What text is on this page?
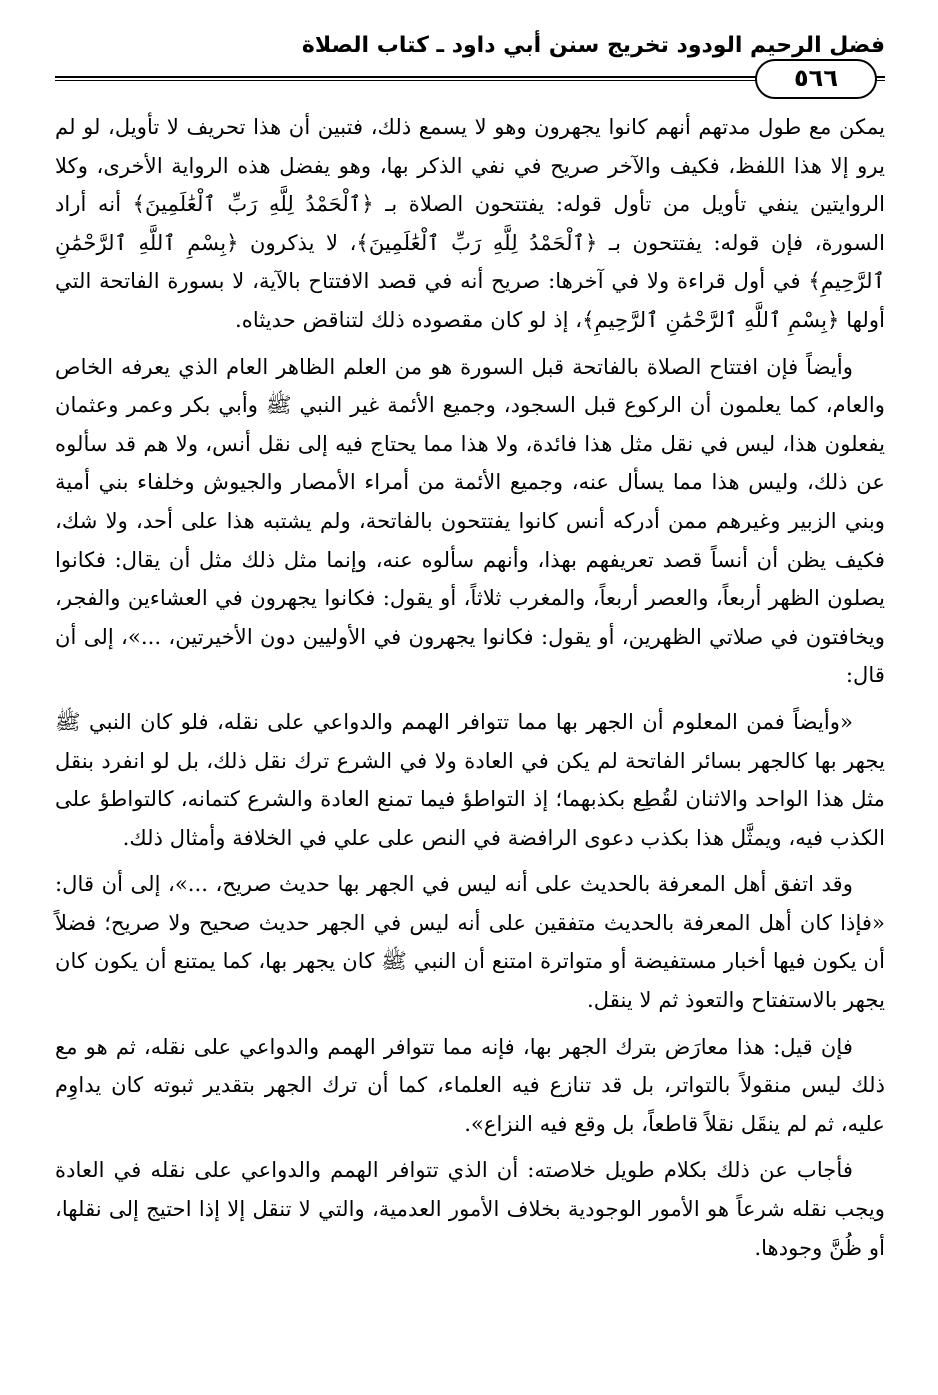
فضل الرحيم الودود تخريج سنن أبي داود ـ كتاب الصلاة
٥٦٦

يمكن مع طول مدتهم أنهم كانوا يجهرون وهو لا يسمع ذلك، فتبين أن هذا تحريف لا تأويل، لو لم يرو إلا هذا اللفظ، فكيف والآخر صريح في نفي الذكر بها، وهو يفضل هذه الرواية الأخرى، وكلا الروايتين ينفي تأويل من تأول قوله: يفتتحون الصلاة بـ ﴿ٱلْحَمْدُ لِلَّهِ رَبِّ ٱلْعَٰلَمِينَ﴾ أنه أراد السورة، فإن قوله: يفتتحون بـ ﴿ٱلْحَمْدُ لِلَّهِ رَبِّ ٱلْعَٰلَمِينَ﴾، لا يذكرون ﴿بِسْمِ ٱللَّهِ ٱلرَّحْمَٰنِ ٱلرَّحِيمِ﴾ في أول قراءة ولا في آخرها: صريح أنه في قصد الافتتاح بالآية، لا بسورة الفاتحة التي أولها ﴿بِسْمِ ٱللَّهِ ٱلرَّحْمَٰنِ ٱلرَّحِيمِ﴾، إذ لو كان مقصوده ذلك لتناقض حديثاه.

وأيضاً فإن افتتاح الصلاة بالفاتحة قبل السورة هو من العلم الظاهر العام الذي يعرفه الخاص والعام، كما يعلمون أن الركوع قبل السجود، وجميع الأئمة غير النبي ﷺ وأبي بكر وعمر وعثمان يفعلون هذا، ليس في نقل مثل هذا فائدة، ولا هذا مما يحتاج فيه إلى نقل أنس، ولا هم قد سألوه عن ذلك، وليس هذا مما يسأل عنه، وجميع الأئمة من أمراء الأمصار والجيوش وخلفاء بني أمية وبني الزبير وغيرهم ممن أدركه أنس كانوا يفتتحون بالفاتحة، ولم يشتبه هذا على أحد، ولا شك، فكيف يظن أن أنساً قصد تعريفهم بهذا، وأنهم سألوه عنه، وإنما مثل ذلك مثل أن يقال: فكانوا يصلون الظهر أربعاً، والعصر أربعاً، والمغرب ثلاثاً، أو يقول: فكانوا يجهرون في العشاءين والفجر، ويخافتون في صلاتي الظهرين، أو يقول: فكانوا يجهرون في الأوليين دون الأخيرتين، ...»، إلى أن قال:

«وأيضاً فمن المعلوم أن الجهر بها مما تتوافر الهمم والدواعي على نقله، فلو كان النبي ﷺ يجهر بها كالجهر بسائر الفاتحة لم يكن في العادة ولا في الشرع ترك نقل ذلك، بل لو انفرد بنقل مثل هذا الواحد والاثنان لقُطِع بكذبهما؛ إذ التواطؤ فيما تمنع العادة والشرع كتمانه، كالتواطؤ على الكذب فيه، ويمثَّل هذا بكذب دعوى الرافضة في النص على علي في الخلافة وأمثال ذلك.

وقد اتفق أهل المعرفة بالحديث على أنه ليس في الجهر بها حديث صريح، ...»، إلى أن قال: «فإذا كان أهل المعرفة بالحديث متفقين على أنه ليس في الجهر حديث صحيح ولا صريح؛ فضلاً أن يكون فيها أخبار مستفيضة أو متواترة امتنع أن النبي ﷺ كان يجهر بها، كما يمتنع أن يكون كان يجهر بالاستفتاح والتعوذ ثم لا ينقل.

فإن قيل: هذا معارَض بترك الجهر بها، فإنه مما تتوافر الهمم والدواعي على نقله، ثم هو مع ذلك ليس منقولاً بالتواتر، بل قد تنازع فيه العلماء، كما أن ترك الجهر بتقدير ثبوته كان يداوِم عليه، ثم لم ينقَل نقلاً قاطعاً، بل وقع فيه النزاع».

فأجاب عن ذلك بكلام طويل خلاصته: أن الذي تتوافر الهمم والدواعي على نقله في العادة ويجب نقله شرعاً هو الأمور الوجودية بخلاف الأمور العدمية، والتي لا تنقل إلا إذا احتيج إلى نقلها، أو ظُنَّ وجودها.
